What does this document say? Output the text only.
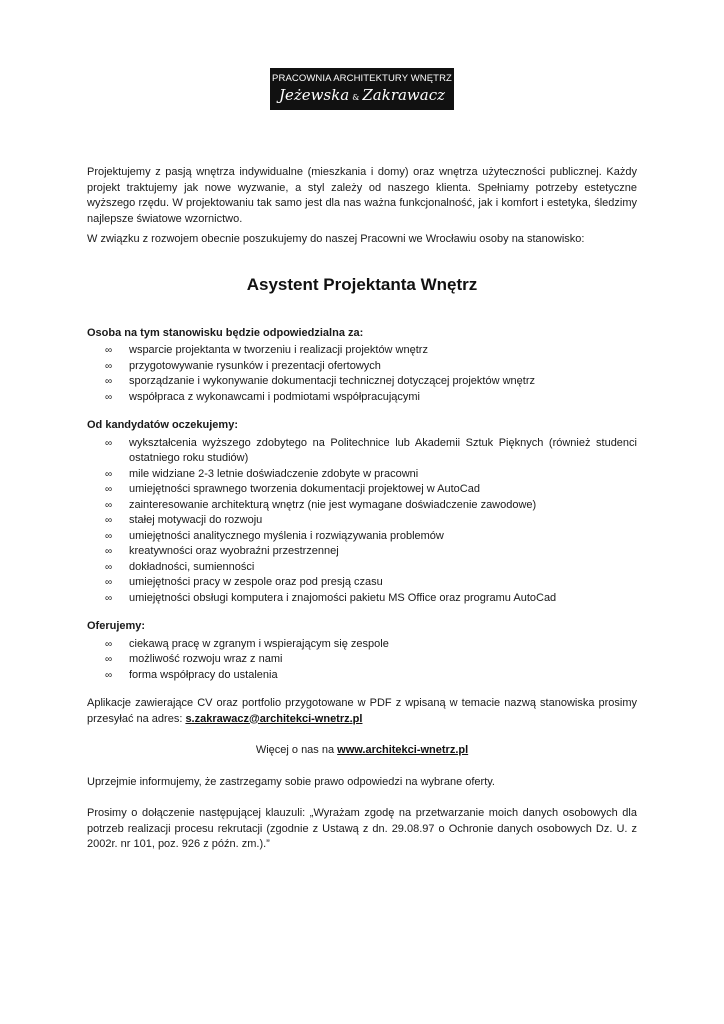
PRACOWNIA ARCHITEKTURY WNĘTRZ
Jeżewska & Zakrawacz

Projektujemy z pasją wnętrza indywidualne (mieszkania i domy) oraz wnętrza użyteczności publicznej. Każdy projekt traktujemy jak nowe wyzwanie, a styl zależy od naszego klienta. Spełniamy potrzeby estetyczne wyższego rzędu. W projektowaniu tak samo jest dla nas ważna funkcjonalność, jak i komfort i estetyka, śledzimy najlepsze światowe wzornictwo.

W związku z rozwojem obecnie poszukujemy do naszej Pracowni we Wrocławiu osoby na stanowisko:

Asystent Projektanta Wnętrz
Osoba na tym stanowisku będzie odpowiedzialna za:
∞ wsparcie projektanta w tworzeniu i realizacji projektów wnętrz
∞ przygotowywanie rysunków i prezentacji ofertowych
∞ sporządzanie i wykonywanie dokumentacji technicznej dotyczącej projektów wnętrz
∞ współpraca z wykonawcami i podmiotami współpracującymi
Od kandydatów oczekujemy:
∞ wykształcenia wyższego zdobytego na Politechnice lub Akademii Sztuk Pięknych (również studenci ostatniego roku studiów)
∞ mile widziane 2-3 letnie doświadczenie zdobyte w pracowni
∞ umiejętności sprawnego tworzenia dokumentacji projektowej w AutoCad
∞ zainteresowanie architekturą wnętrz (nie jest wymagane doświadczenie zawodowe)
∞ stałej motywacji do rozwoju
∞ umiejętności analitycznego myślenia i rozwiązywania problemów
∞ kreatywności oraz wyobraźni przestrzennej
∞ dokładności, sumienności
∞ umiejętności pracy w zespole oraz pod presją czasu
∞ umiejętności obsługi komputera i znajomości pakietu MS Office oraz programu AutoCad
Oferujemy:
∞ ciekawą pracę w zgranym i wspierającym się zespole
∞ możliwość rozwoju wraz z nami
∞ forma współpracy do ustalenia

Aplikacje zawierające CV oraz portfolio przygotowane w PDF z wpisaną w temacie nazwą stanowiska prosimy przesyłać na adres: s.zakrawacz@architekci-wnetrz.pl

Więcej o nas na www.architekci-wnetrz.pl

Uprzejmie informujemy, że zastrzegamy sobie prawo odpowiedzi na wybrane oferty.

Prosimy o dołączenie następującej klauzuli: „Wyrażam zgodę na przetwarzanie moich danych osobowych dla potrzeb realizacji procesu rekrutacji (zgodnie z Ustawą z dn. 29.08.97 o Ochronie danych osobowych Dz. U. z 2002r. nr 101, poz. 926 z późn. zm.).”
